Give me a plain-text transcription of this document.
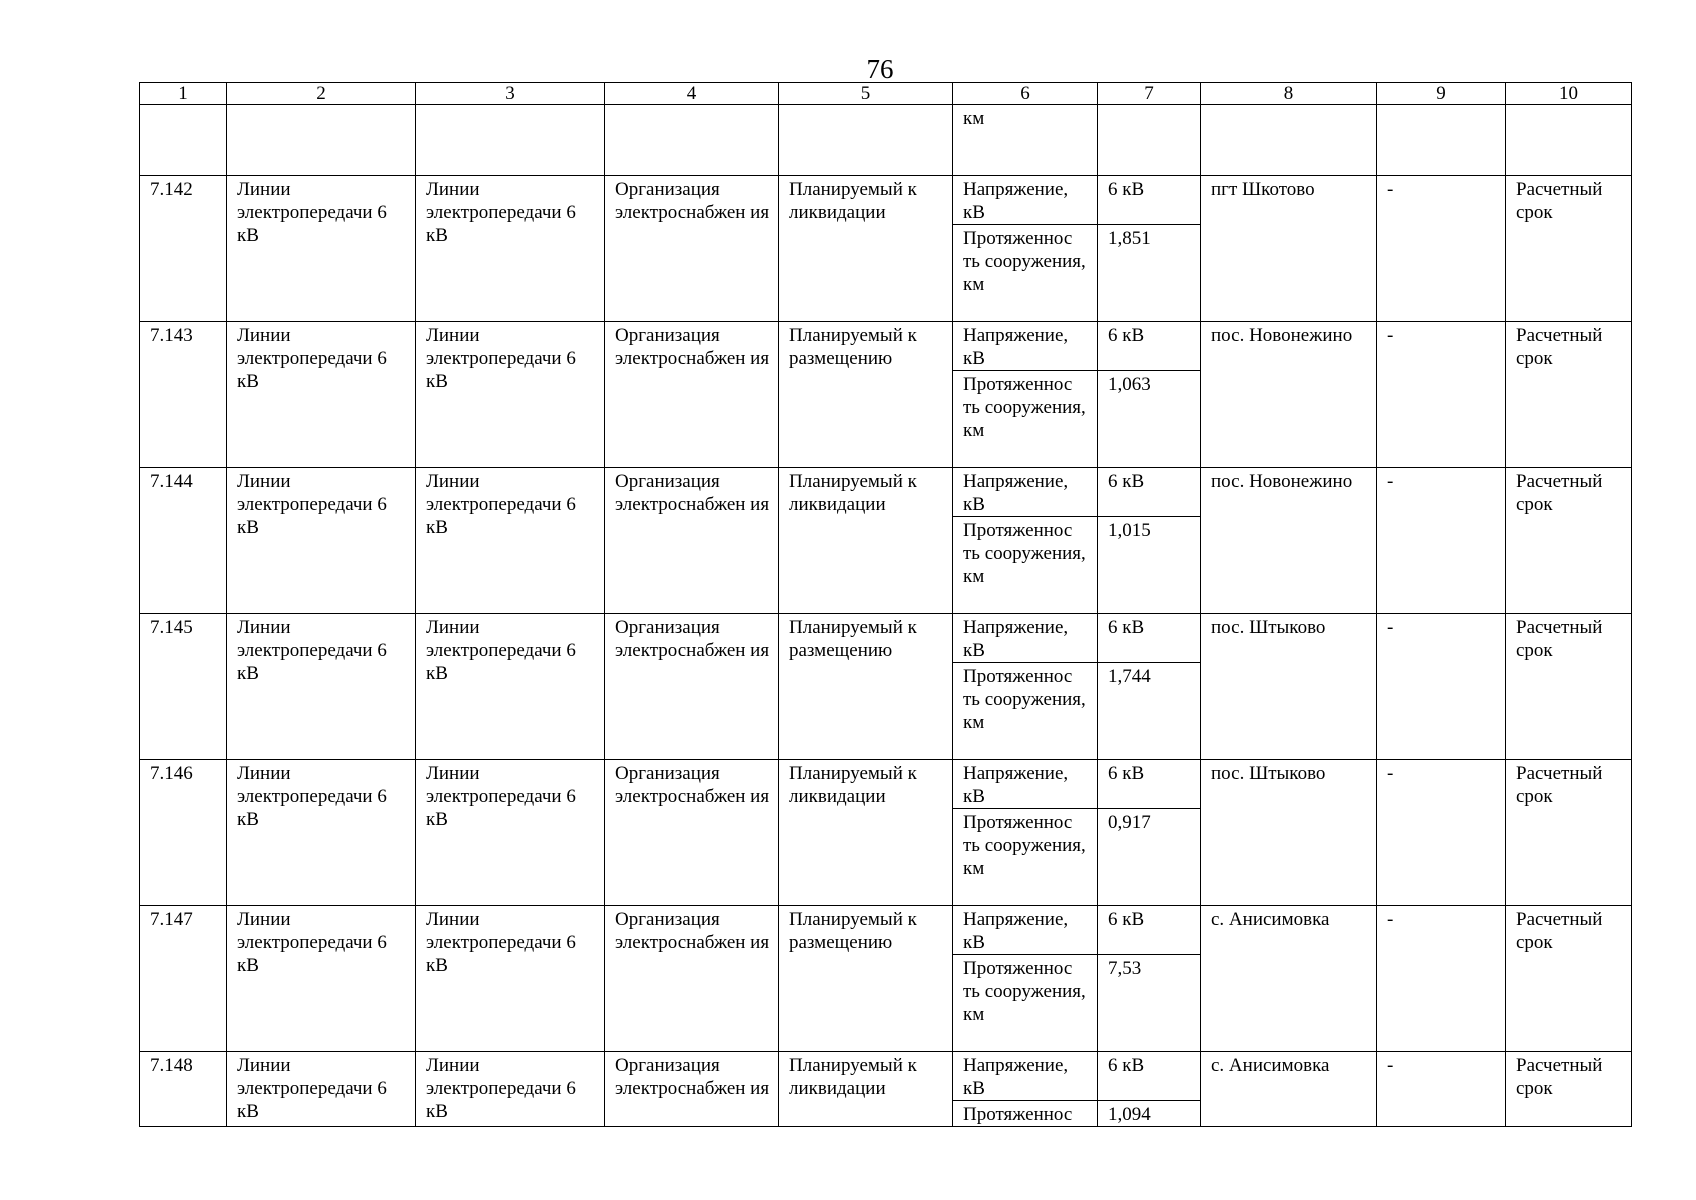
76
1	2	3	4	5	6	7	8	9	10
					км				
7.142	Линии электропередачи 6 кВ	Линии электропередачи 6 кВ	Организация электроснабжен ия	Планируемый к ликвидации	Напряжение, кВ	6 кВ	пгт Шкотово	-	Расчетный срок
					Протяженнос ть сооружения, км	1,851			
7.143	Линии электропередачи 6 кВ	Линии электропередачи 6 кВ	Организация электроснабжен ия	Планируемый к размещению	Напряжение, кВ	6 кВ	пос. Новонежино	-	Расчетный срок
					Протяженнос ть сооружения, км	1,063			
7.144	Линии электропередачи 6 кВ	Линии электропередачи 6 кВ	Организация электроснабжен ия	Планируемый к ликвидации	Напряжение, кВ	6 кВ	пос. Новонежино	-	Расчетный срок
					Протяженнос ть сооружения, км	1,015			
7.145	Линии электропередачи 6 кВ	Линии электропередачи 6 кВ	Организация электроснабжен ия	Планируемый к размещению	Напряжение, кВ	6 кВ	пос. Штыково	-	Расчетный срок
					Протяженнос ть сооружения, км	1,744			
7.146	Линии электропередачи 6 кВ	Линии электропередачи 6 кВ	Организация электроснабжен ия	Планируемый к ликвидации	Напряжение, кВ	6 кВ	пос. Штыково	-	Расчетный срок
					Протяженнос ть сооружения, км	0,917			
7.147	Линии электропередачи 6 кВ	Линии электропередачи 6 кВ	Организация электроснабжен ия	Планируемый к размещению	Напряжение, кВ	6 кВ	с. Анисимовка	-	Расчетный срок
					Протяженнос ть сооружения, км	7,53			
7.148	Линии электропередачи 6 кВ	Линии электропередачи 6 кВ	Организация электроснабжен ия	Планируемый к ликвидации	Напряжение, кВ	6 кВ	с. Анисимовка	-	Расчетный срок
					Протяженнос	1,094			
